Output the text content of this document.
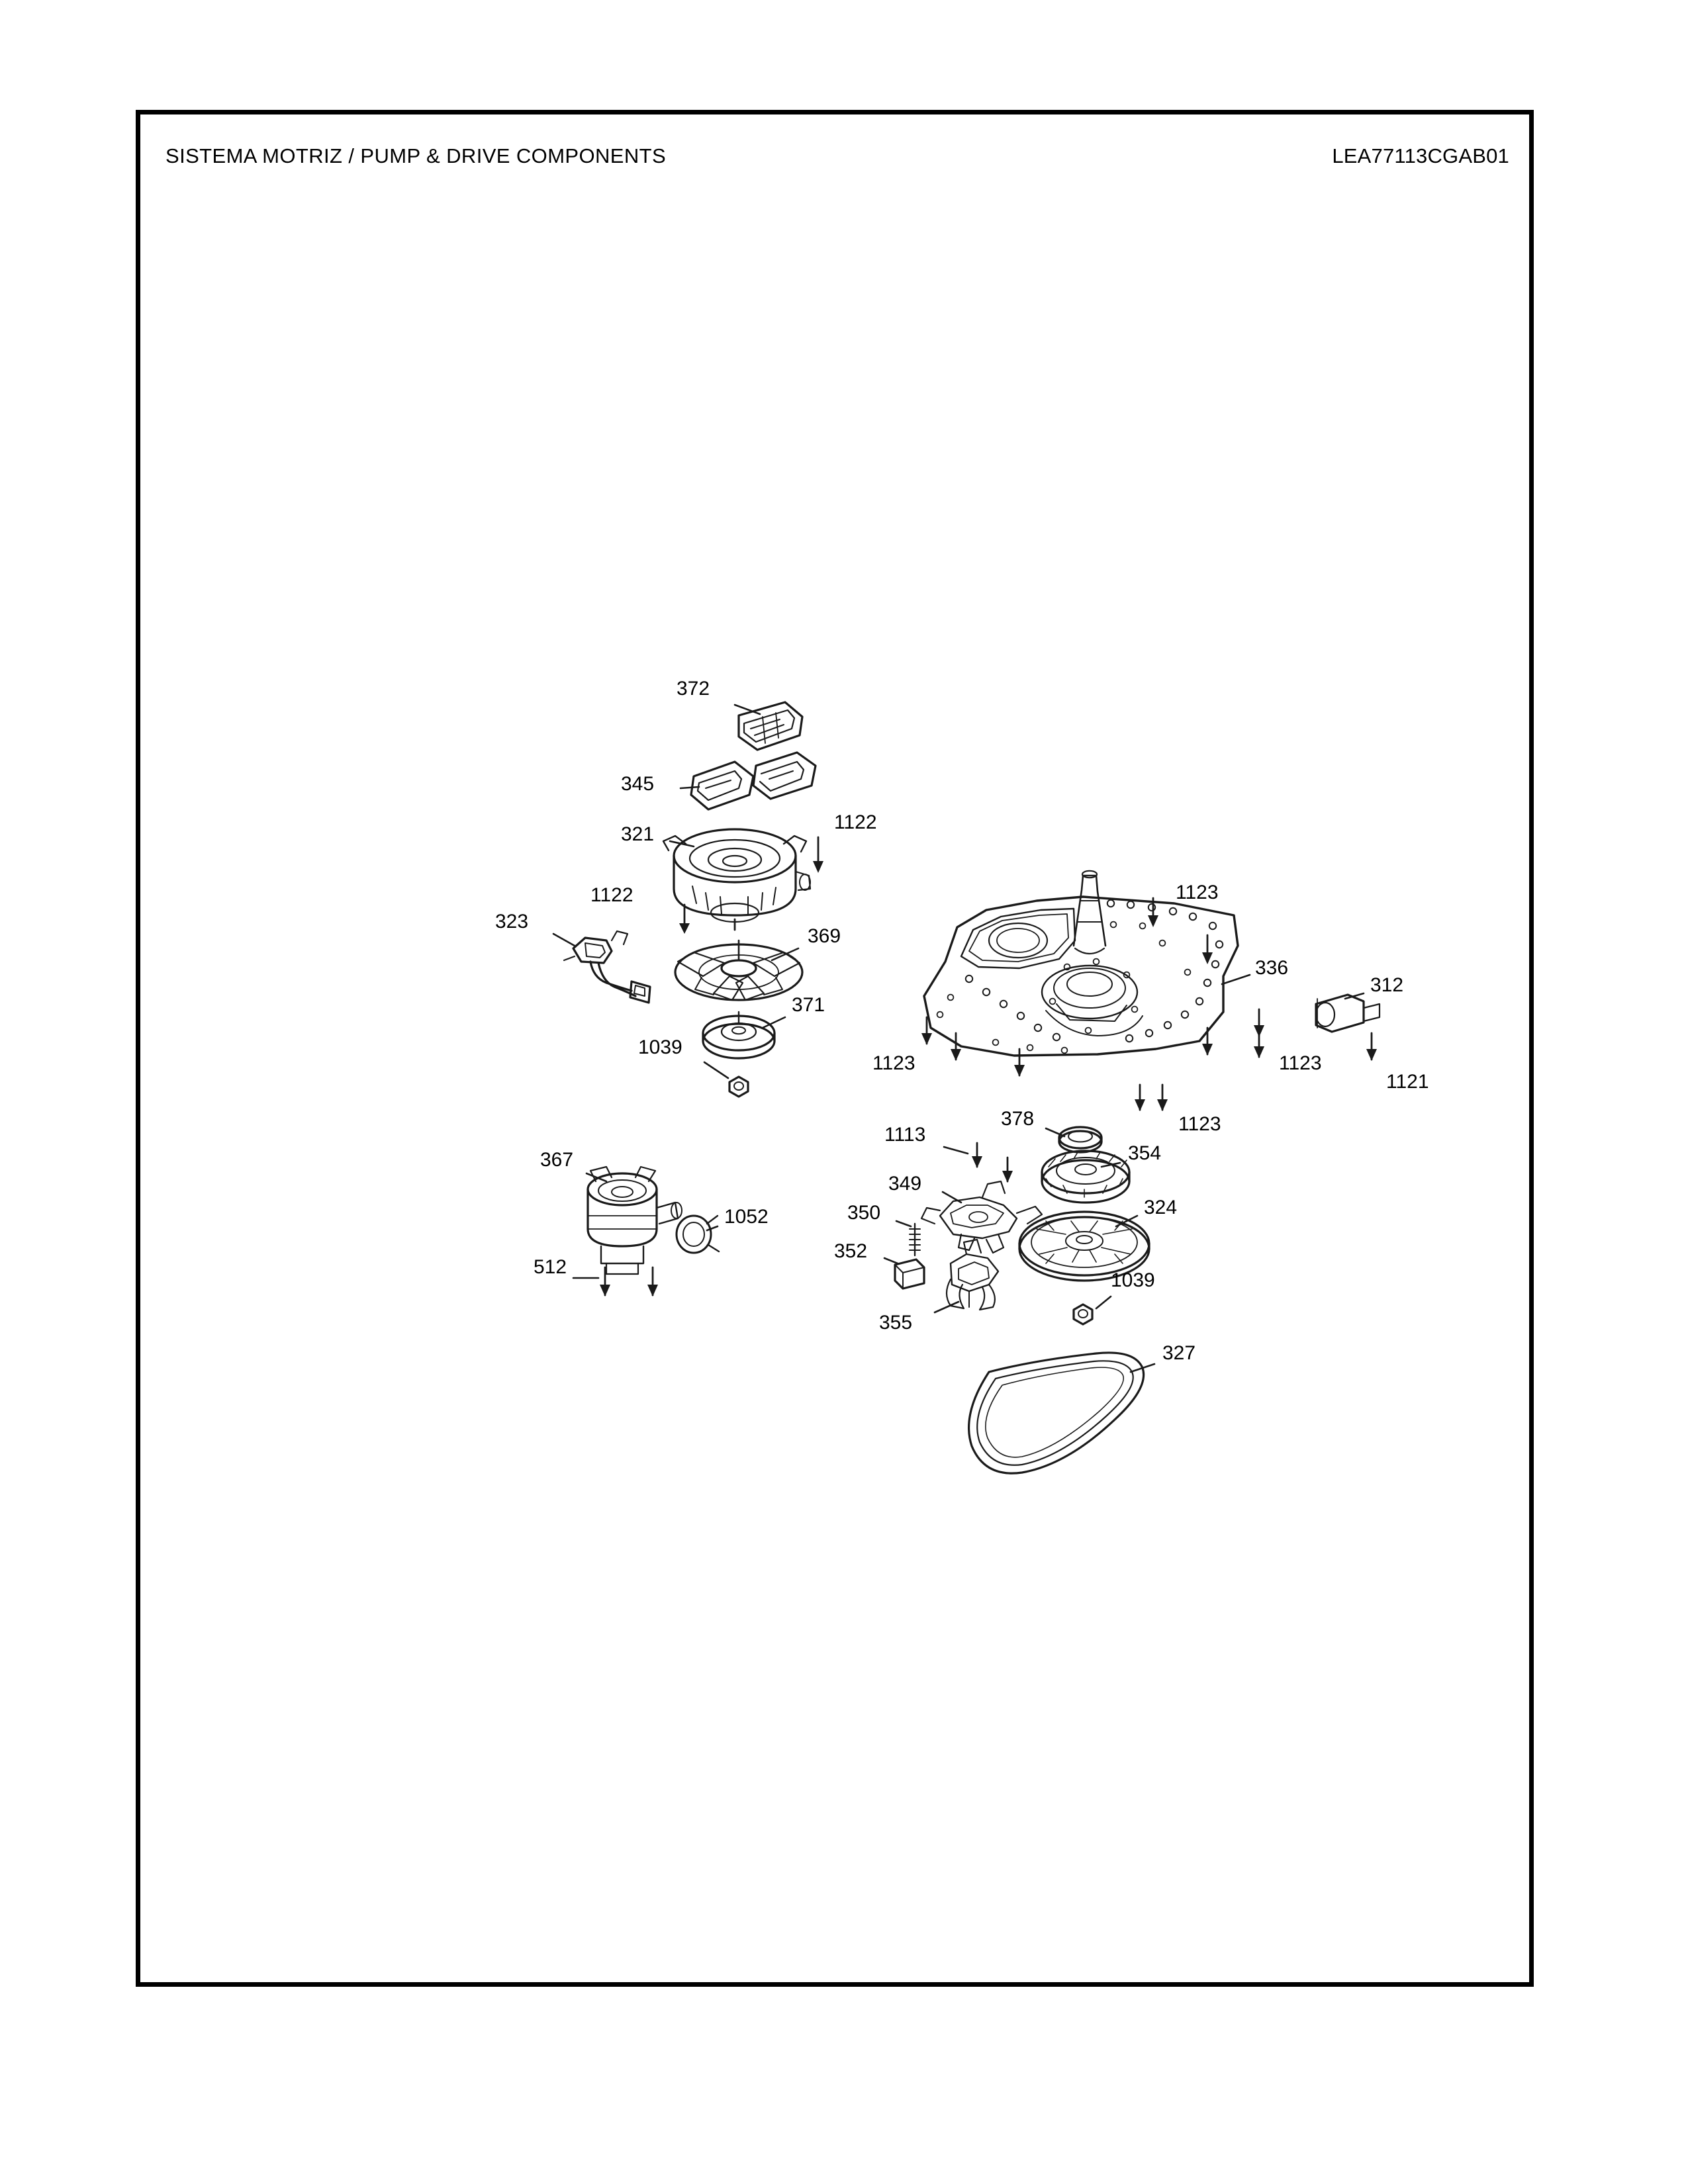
SISTEMA MOTRIZ / PUMP & DRIVE COMPONENTS	LEA77113CGAB01
372
345
321
1122
1122
323
369
371
1039
1123
336
312
1123	1123
1121
1123
378
1113
354
349
350	324
352
367
1052
512
1039
355
327
